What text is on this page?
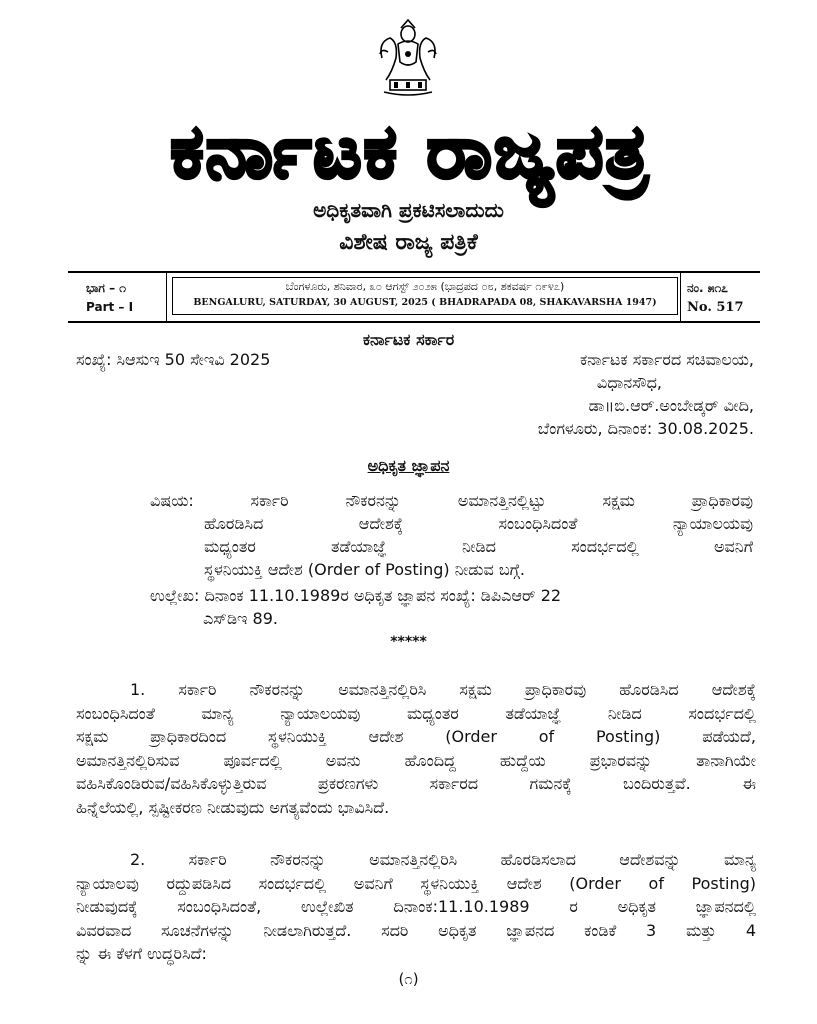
ಕರ್ನಾಟಕ ರಾಜ್ಯಪತ್ರ
ಅಧಿಕೃತವಾಗಿ ಪ್ರಕಟಿಸಲಾದುದು
ವಿಶೇಷ ರಾಜ್ಯ ಪತ್ರಿಕೆ
ಭಾಗ – ೧
Part – I
ಬೆಂಗಳೂರು, ಶನಿವಾರ, ೩೦ ಆಗಸ್ಟ್ ೨೦೨೫ (ಭಾದ್ರಪದ ೦೮, ಶಕವರ್ಷ ೧೯೪೭)
BENGALURU, SATURDAY, 30 AUGUST, 2025 ( BHADRAPADA 08, SHAKAVARSHA 1947)
ನಂ. ೫೧೭
No. 517
ಕರ್ನಾಟಕ ಸರ್ಕಾರ
ಸಂಖ್ಯೆ: ಸಿಆಸುಇ 50 ಸೇಇವಿ 2025	ಕರ್ನಾಟಕ ಸರ್ಕಾರದ ಸಚಿವಾಲಯ,
ವಿಧಾನಸೌಧ,
ಡಾ॥ಬಿ.ಆರ್.ಅಂಬೇಡ್ಕರ್ ವೀದಿ,
ಬೆಂಗಳೂರು, ದಿನಾಂಕ: 30.08.2025.
ಅಧಿಕೃತ ಜ್ಞಾಪನ
ವಿಷಯ: ಸರ್ಕಾರಿ ನೌಕರನನ್ನು ಅಮಾನತ್ತಿನಲ್ಲಿಟ್ಟು ಸಕ್ಷಮ ಪ್ರಾಧಿಕಾರವು
ಹೊರಡಿಸಿದ ಆದೇಶಕ್ಕೆ ಸಂಬಂಧಿಸಿದಂತೆ ನ್ಯಾಯಾಲಯವು
ಮಧ್ಯಂತರ ತಡೆಯಾಜ್ಞೆ ನೀಡಿದ ಸಂದರ್ಭದಲ್ಲಿ ಅವನಿಗೆ
ಸ್ಥಳನಿಯುಕ್ತಿ ಆದೇಶ (Order of Posting) ನೀಡುವ ಬಗ್ಗೆ.
ಉಲ್ಲೇಖ: ದಿನಾಂಕ 11.10.1989ರ ಅಧಿಕೃತ ಜ್ಞಾಪನ ಸಂಖ್ಯೆ: ಡಿಪಿಎಆರ್ 22
ಎಸ್‌ಡಿಇ 89.
*****
1. ಸರ್ಕಾರಿ ನೌಕರನನ್ನು ಅಮಾನತ್ತಿನಲ್ಲಿರಿಸಿ ಸಕ್ಷಮ ಪ್ರಾಧಿಕಾರವು ಹೊರಡಿಸಿದ ಆದೇಶಕ್ಕೆ
ಸಂಬಂಧಿಸಿದಂತೆ ಮಾನ್ಯ ನ್ಯಾಯಾಲಯವು ಮಧ್ಯಂತರ ತಡೆಯಾಜ್ಞೆ ನೀಡಿದ ಸಂದರ್ಭದಲ್ಲಿ
ಸಕ್ಷಮ ಪ್ರಾಧಿಕಾರದಿಂದ ಸ್ಥಳನಿಯುಕ್ತಿ ಆದೇಶ (Order of Posting) ಪಡೆಯದೆ,
ಅಮಾನತ್ತಿನಲ್ಲಿರಿಸುವ ಪೂರ್ವದಲ್ಲಿ ಅವನು ಹೊಂದಿದ್ದ ಹುದ್ದೆಯ ಪ್ರಭಾರವನ್ನು ತಾನಾಗಿಯೇ
ವಹಿಸಿಕೊಂಡಿರುವ/ವಹಿಸಿಕೊಳ್ಳುತ್ತಿರುವ ಪ್ರಕರಣಗಳು ಸರ್ಕಾರದ ಗಮನಕ್ಕೆ ಬಂದಿರುತ್ತವೆ. ಈ
ಹಿನ್ನೆಲೆಯಲ್ಲಿ, ಸ್ಪಷ್ಟೀಕರಣ ನೀಡುವುದು ಅಗತ್ಯವೆಂದು ಭಾವಿಸಿದೆ.
2. ಸರ್ಕಾರಿ ನೌಕರನನ್ನು ಅಮಾನತ್ತಿನಲ್ಲಿರಿಸಿ ಹೊರಡಿಸಲಾದ ಆದೇಶವನ್ನು ಮಾನ್ಯ
ನ್ಯಾಯಾಲವು ರದ್ದುಪಡಿಸಿದ ಸಂದರ್ಭದಲ್ಲಿ ಅವನಿಗೆ ಸ್ಥಳನಿಯುಕ್ತಿ ಆದೇಶ (Order of Posting)
ನೀಡುವುದಕ್ಕೆ ಸಂಬಂಧಿಸಿದಂತೆ, ಉಲ್ಲೇಖಿತ ದಿನಾಂಕ:11.10.1989 ರ ಅಧಿಕೃತ ಜ್ಞಾಪನದಲ್ಲಿ
ವಿವರವಾದ ಸೂಚನೆಗಳನ್ನು ನೀಡಲಾಗಿರುತ್ತದೆ. ಸದರಿ ಅಧಿಕೃತ ಜ್ಞಾಪನದ ಕಂಡಿಕೆ 3 ಮತ್ತು 4
ನ್ನು ಈ ಕೆಳಗೆ ಉದ್ಧರಿಸಿದೆ:
(೧)
